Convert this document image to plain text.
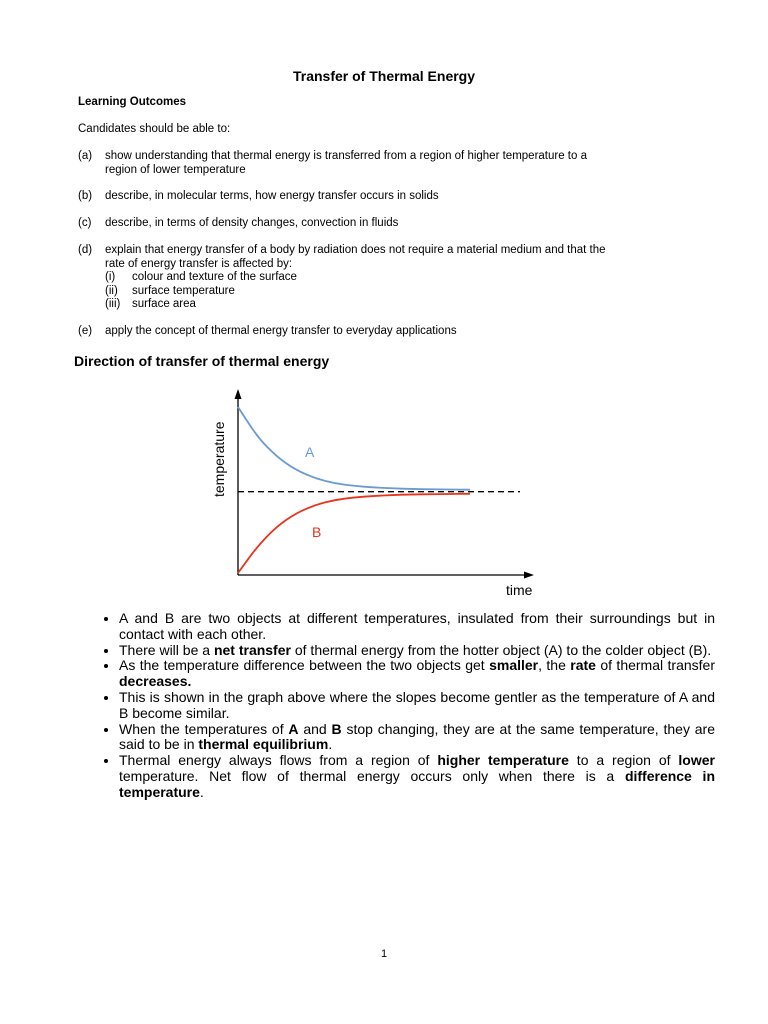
Transfer of Thermal Energy
Learning Outcomes
Candidates should be able to:
(a) show understanding that thermal energy is transferred from a region of higher temperature to a
region of lower temperature
(b) describe, in molecular terms, how energy transfer occurs in solids
(c) describe, in terms of density changes, convection in fluids
(d) explain that energy transfer of a body by radiation does not require a material medium and that the
rate of energy transfer is affected by:
(i) colour and texture of the surface
(ii) surface temperature
(iii) surface area
(e) apply the concept of thermal energy transfer to everyday applications
Direction of transfer of thermal energy
A
B
time
temperature
• A and B are two objects at different temperatures, insulated from their surroundings but in contact with each other.
• There will be a net transfer of thermal energy from the hotter object (A) to the colder object (B).
• As the temperature difference between the two objects get smaller, the rate of thermal transfer decreases.
• This is shown in the graph above where the slopes become gentler as the temperature of A and B become similar.
• When the temperatures of A and B stop changing, they are at the same temperature, they are said to be in thermal equilibrium.
• Thermal energy always flows from a region of higher temperature to a region of lower temperature. Net flow of thermal energy occurs only when there is a difference in temperature.
1
